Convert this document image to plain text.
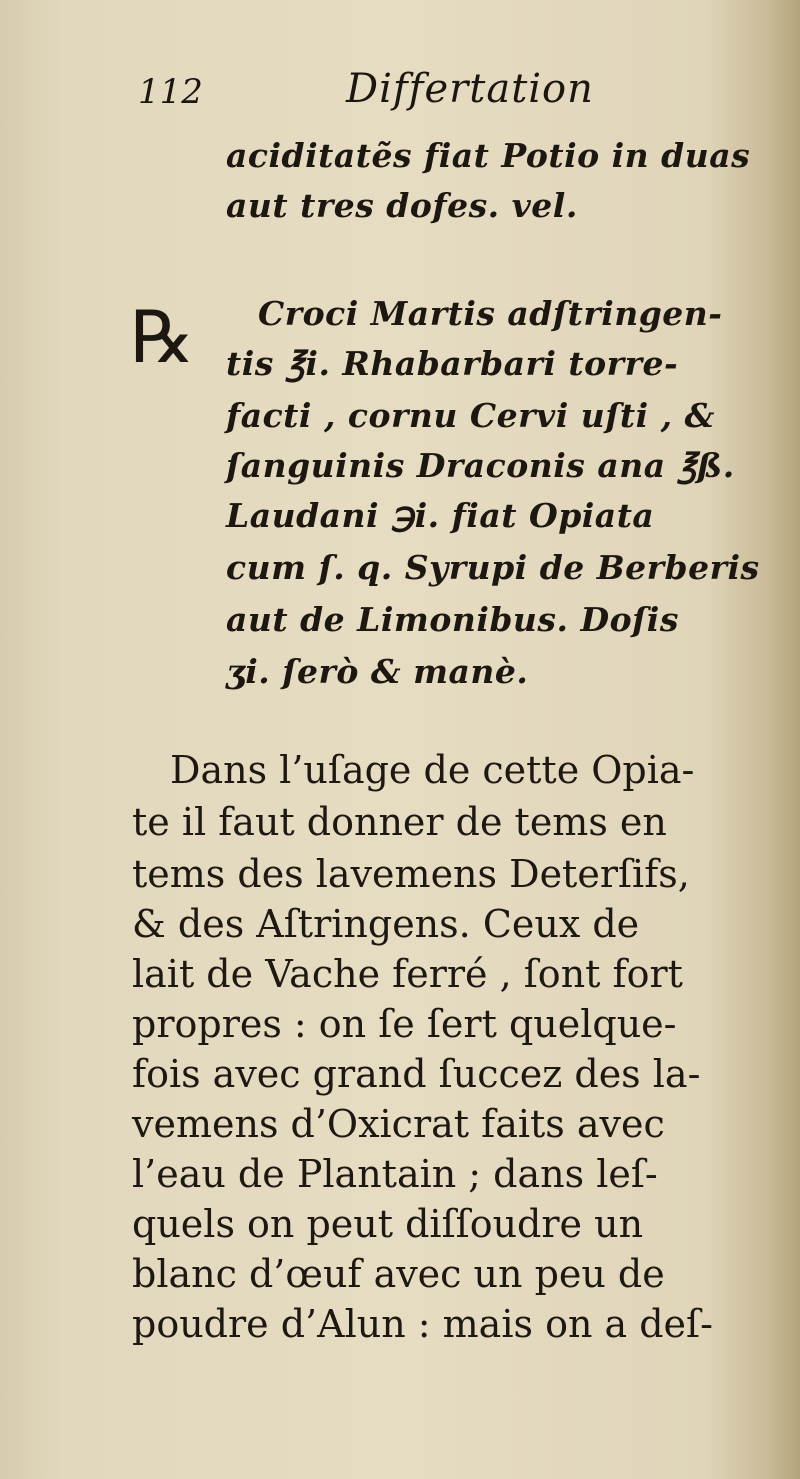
112	Differtation
aciditatẽs fiat Potio in duas
aut tres dofes. vel.
℞ Croci Martis adſtringen-
tis ℥i. Rhabarbari torre-
facti , cornu Cervi uſti , &
ſanguinis Draconis ana ℥ß.
Laudani ℈i. fiat Opiata
cum ſ. q. Syrupi de Berberis
aut de Limonibus. Doſis
ʒi. ſerò & manè.
Dans l’uſage de cette Opia-
te il faut donner de tems en
tems des lavemens Deterſifs,
& des Aſtringens. Ceux de
lait de Vache ferré , ſont fort
propres : on ſe ſert quelque-
fois avec grand ſuccez des la-
vemens d’Oxicrat faits avec
l’eau de Plantain ; dans leſ-
quels on peut diſſoudre un
blanc d’œuf avec un peu de
poudre d’Alun : mais on a deſ-
